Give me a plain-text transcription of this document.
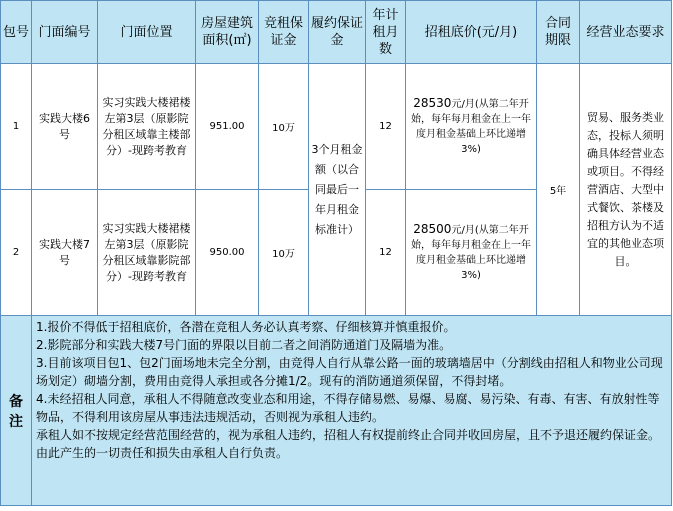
包号	门面编号	门面位置	房屋建筑面积(㎡)	竞租保证金	履约保证金	年计租月数	招租底价(元/月)	合同期限	经营业态要求
1	实践大楼6号	实习实践大楼裙楼左第3层（原影院分租区域靠主楼部分）-现跨考教育	951.00	10万	3个月租金额（以合同最后一年月租金标准计）	12	28530元/月(从第二年开始，每年每月租金在上一年度月租金基础上环比递增3%)	5年	贸易、服务类业态，投标人须明确具体经营业态或项目。不得经营酒店、大型中式餐饮、茶楼及招租方认为不适宜的其他业态项目。
2	实践大楼7号	实习实践大楼裙楼左第3层（原影院分租区域靠影院部分）-现跨考教育	950.00	10万		12	28500元/月(从第二年开始，每年每月租金在上一年度月租金基础上环比递增3%)		
备注	1.报价不得低于招租底价，各潜在竞租人务必认真考察、仔细核算并慎重报价。

2.影院部分和实践大楼7号门面的界限以目前二者之间消防通道门及隔墙为准。

3.目前该项目包1、包2门面场地未完全分割，由竞得人自行从靠公路一面的玻璃墙居中（分割线由招租人和物业公司现场划定）砌墙分割，费用由竞得人承担或各分摊1/2。现有的消防通道须保留，不得封堵。

4.未经招租人同意，承租人不得随意改变业态和用途，不得存储易燃、易爆、易腐、易污染、有毒、有害、有放射性等物品，不得利用该房屋从事违法违规活动，否则视为承租人违约。

承租人如不按规定经营范围经营的，视为承租人违约，招租人有权提前终止合同并收回房屋，且不予退还履约保证金。由此产生的一切责任和损失由承租人自行负责。								
